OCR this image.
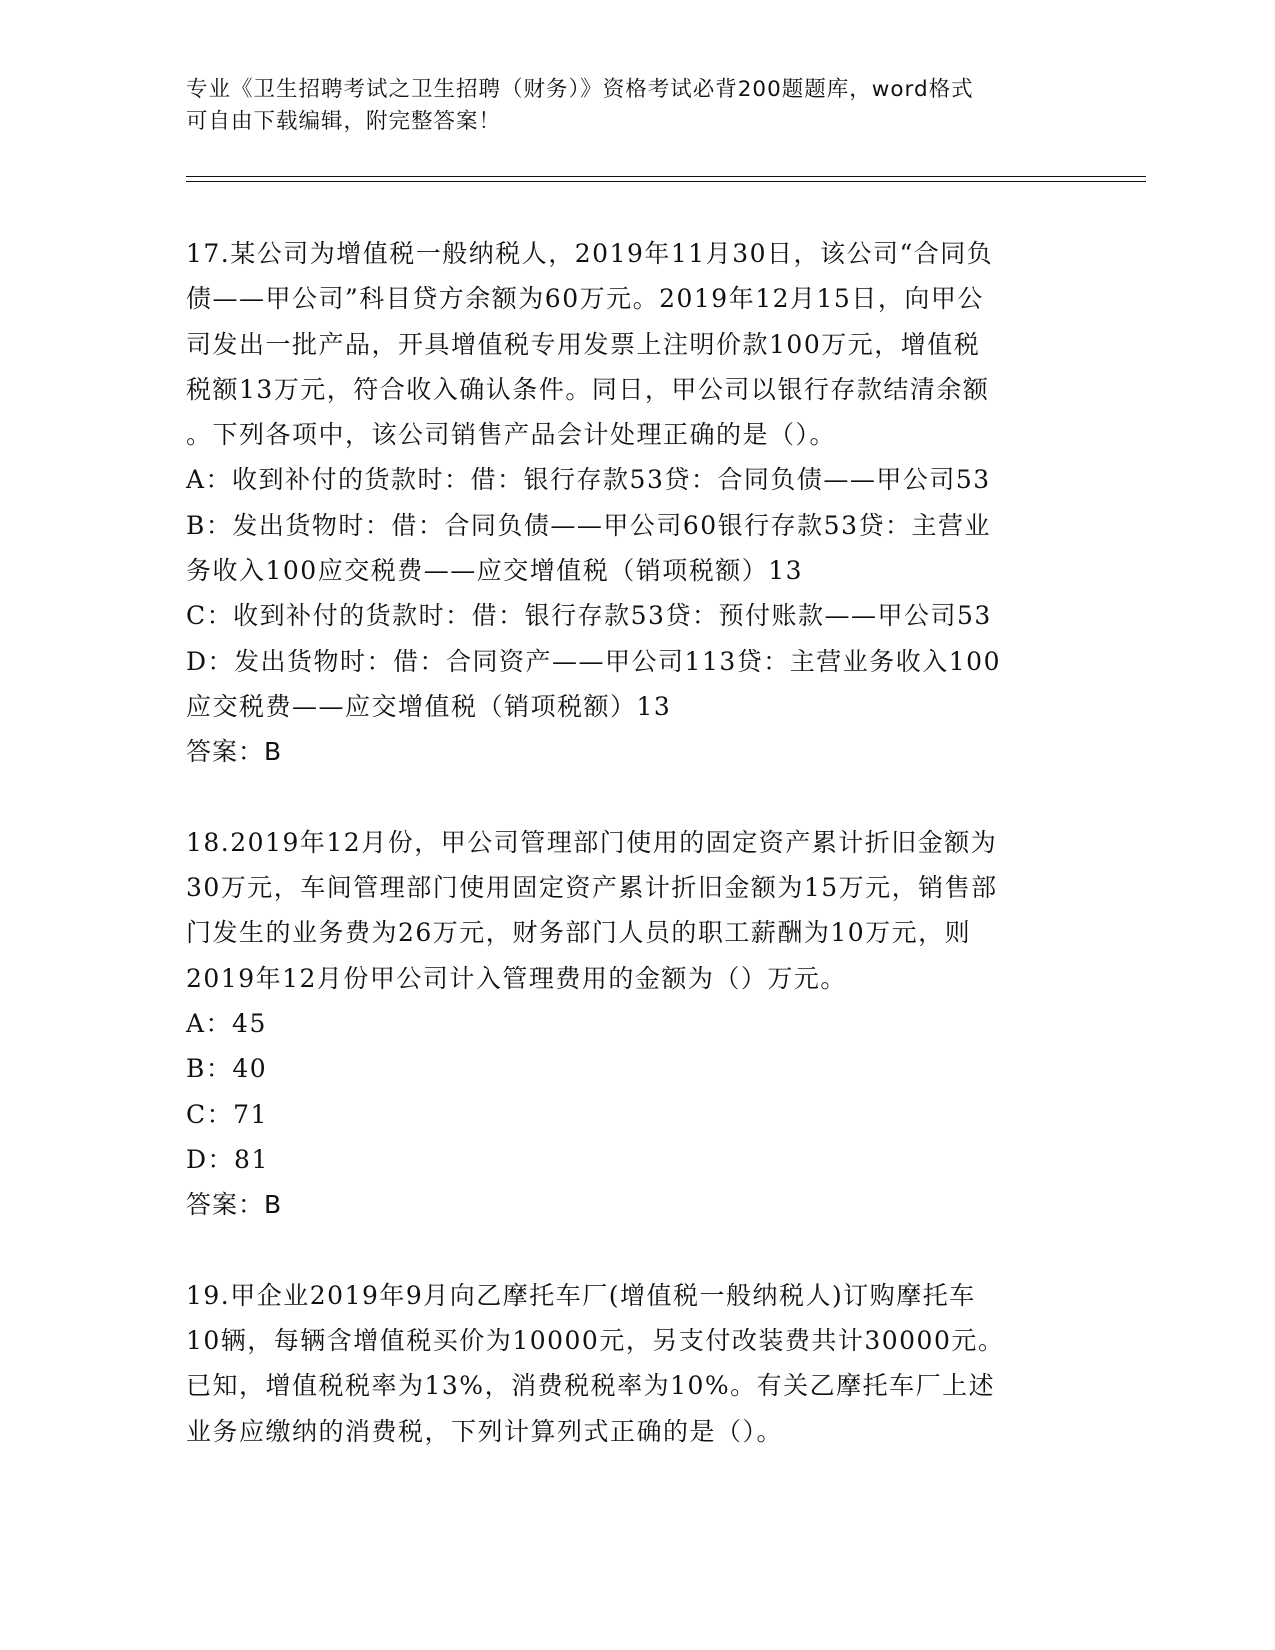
专业《卫生招聘考试之卫生招聘（财务）》资格考试必背200题题库，word格式
可自由下载编辑，附完整答案！
17.某公司为增值税一般纳税人，2019年11月30日，该公司“合同负
债——甲公司”科目贷方余额为60万元。2019年12月15日，向甲公
司发出一批产品，开具增值税专用发票上注明价款100万元，增值税
税额13万元，符合收入确认条件。同日，甲公司以银行存款结清余额
。下列各项中，该公司销售产品会计处理正确的是（）。
A：收到补付的货款时：借：银行存款53贷：合同负债——甲公司53
B：发出货物时：借：合同负债——甲公司60银行存款53贷：主营业
务收入100应交税费——应交增值税（销项税额）13
C：收到补付的货款时：借：银行存款53贷：预付账款——甲公司53
D：发出货物时：借：合同资产——甲公司113贷：主营业务收入100
应交税费——应交增值税（销项税额）13
答案：B
18.2019年12月份，甲公司管理部门使用的固定资产累计折旧金额为
30万元，车间管理部门使用固定资产累计折旧金额为15万元，销售部
门发生的业务费为26万元，财务部门人员的职工薪酬为10万元，则
2019年12月份甲公司计入管理费用的金额为（）万元。
A：45
B：40
C：71
D：81
答案：B
19.甲企业2019年9月向乙摩托车厂(增值税一般纳税人)订购摩托车
10辆，每辆含增值税买价为10000元，另支付改装费共计30000元。
已知，增值税税率为13%，消费税税率为10%。有关乙摩托车厂上述
业务应缴纳的消费税，下列计算列式正确的是（）。
